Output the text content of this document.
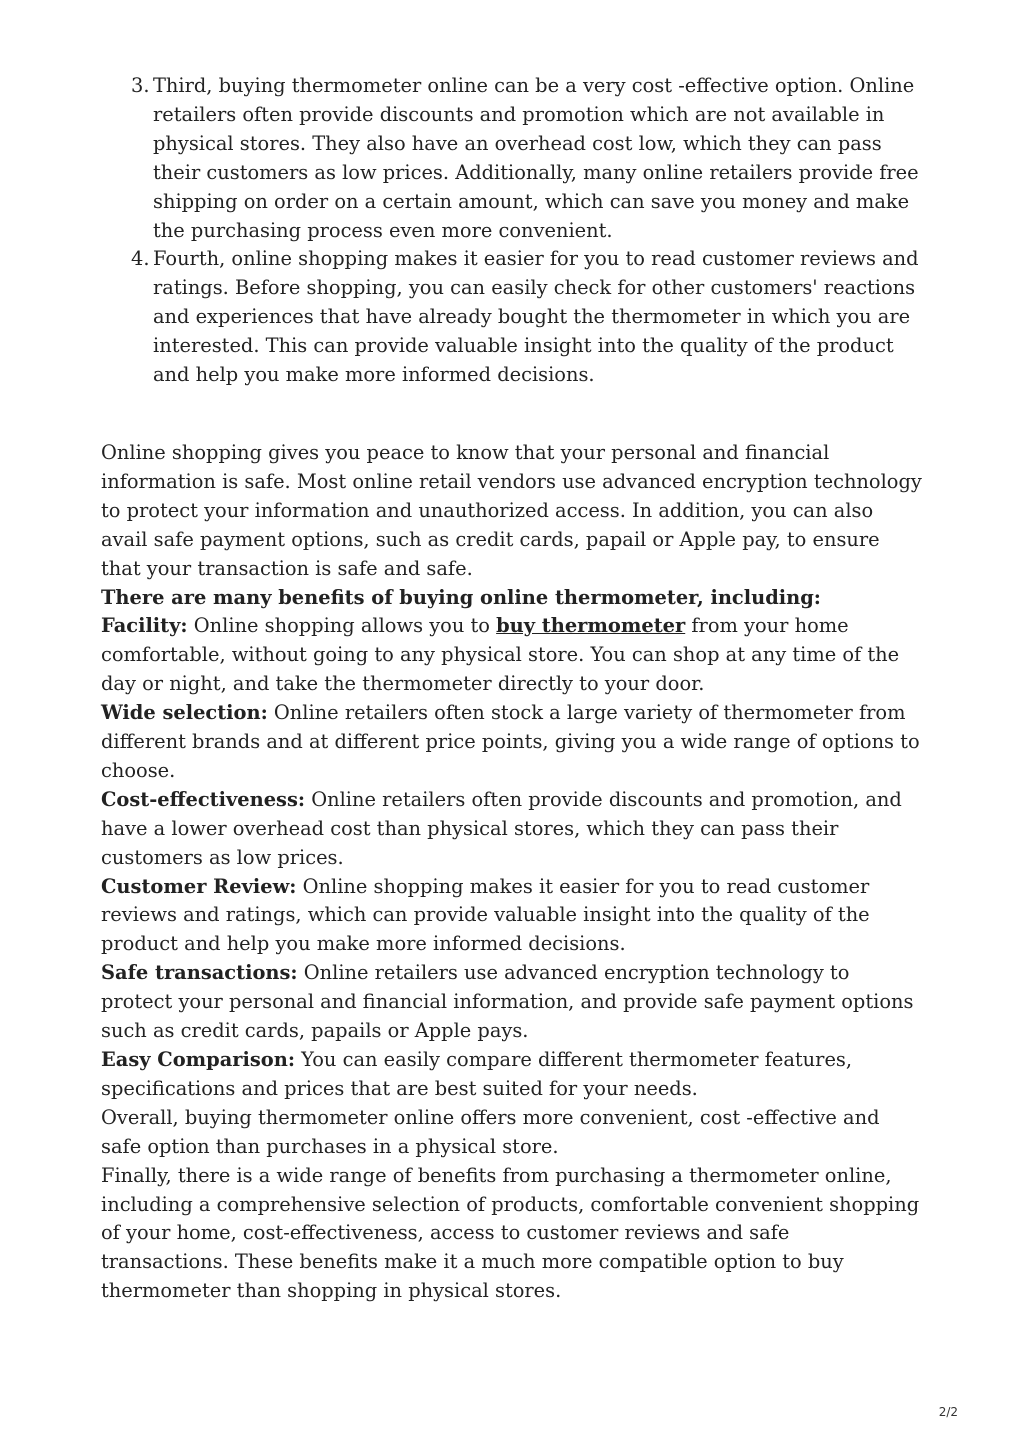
3. Third, buying thermometer online can be a very cost -effective option. Online retailers often provide discounts and promotion which are not available in physical stores. They also have an overhead cost low, which they can pass their customers as low prices. Additionally, many online retailers provide free shipping on order on a certain amount, which can save you money and make the purchasing process even more convenient.
4. Fourth, online shopping makes it easier for you to read customer reviews and ratings. Before shopping, you can easily check for other customers' reactions and experiences that have already bought the thermometer in which you are interested. This can provide valuable insight into the quality of the product and help you make more informed decisions.

Online shopping gives you peace to know that your personal and financial information is safe. Most online retail vendors use advanced encryption technology to protect your information and unauthorized access. In addition, you can also avail safe payment options, such as credit cards, papail or Apple pay, to ensure that your transaction is safe and safe.

There are many benefits of buying online thermometer, including:

Facility: Online shopping allows you to buy thermometer from your home comfortable, without going to any physical store. You can shop at any time of the day or night, and take the thermometer directly to your door.

Wide selection: Online retailers often stock a large variety of thermometer from different brands and at different price points, giving you a wide range of options to choose.

Cost-effectiveness: Online retailers often provide discounts and promotion, and have a lower overhead cost than physical stores, which they can pass their customers as low prices.

Customer Review: Online shopping makes it easier for you to read customer reviews and ratings, which can provide valuable insight into the quality of the product and help you make more informed decisions.

Safe transactions: Online retailers use advanced encryption technology to protect your personal and financial information, and provide safe payment options such as credit cards, papails or Apple pays.

Easy Comparison: You can easily compare different thermometer features, specifications and prices that are best suited for your needs.

Overall, buying thermometer online offers more convenient, cost -effective and safe option than purchases in a physical store.

Finally, there is a wide range of benefits from purchasing a thermometer online, including a comprehensive selection of products, comfortable convenient shopping of your home, cost-effectiveness, access to customer reviews and safe transactions. These benefits make it a much more compatible option to buy thermometer than shopping in physical stores.

2/2
